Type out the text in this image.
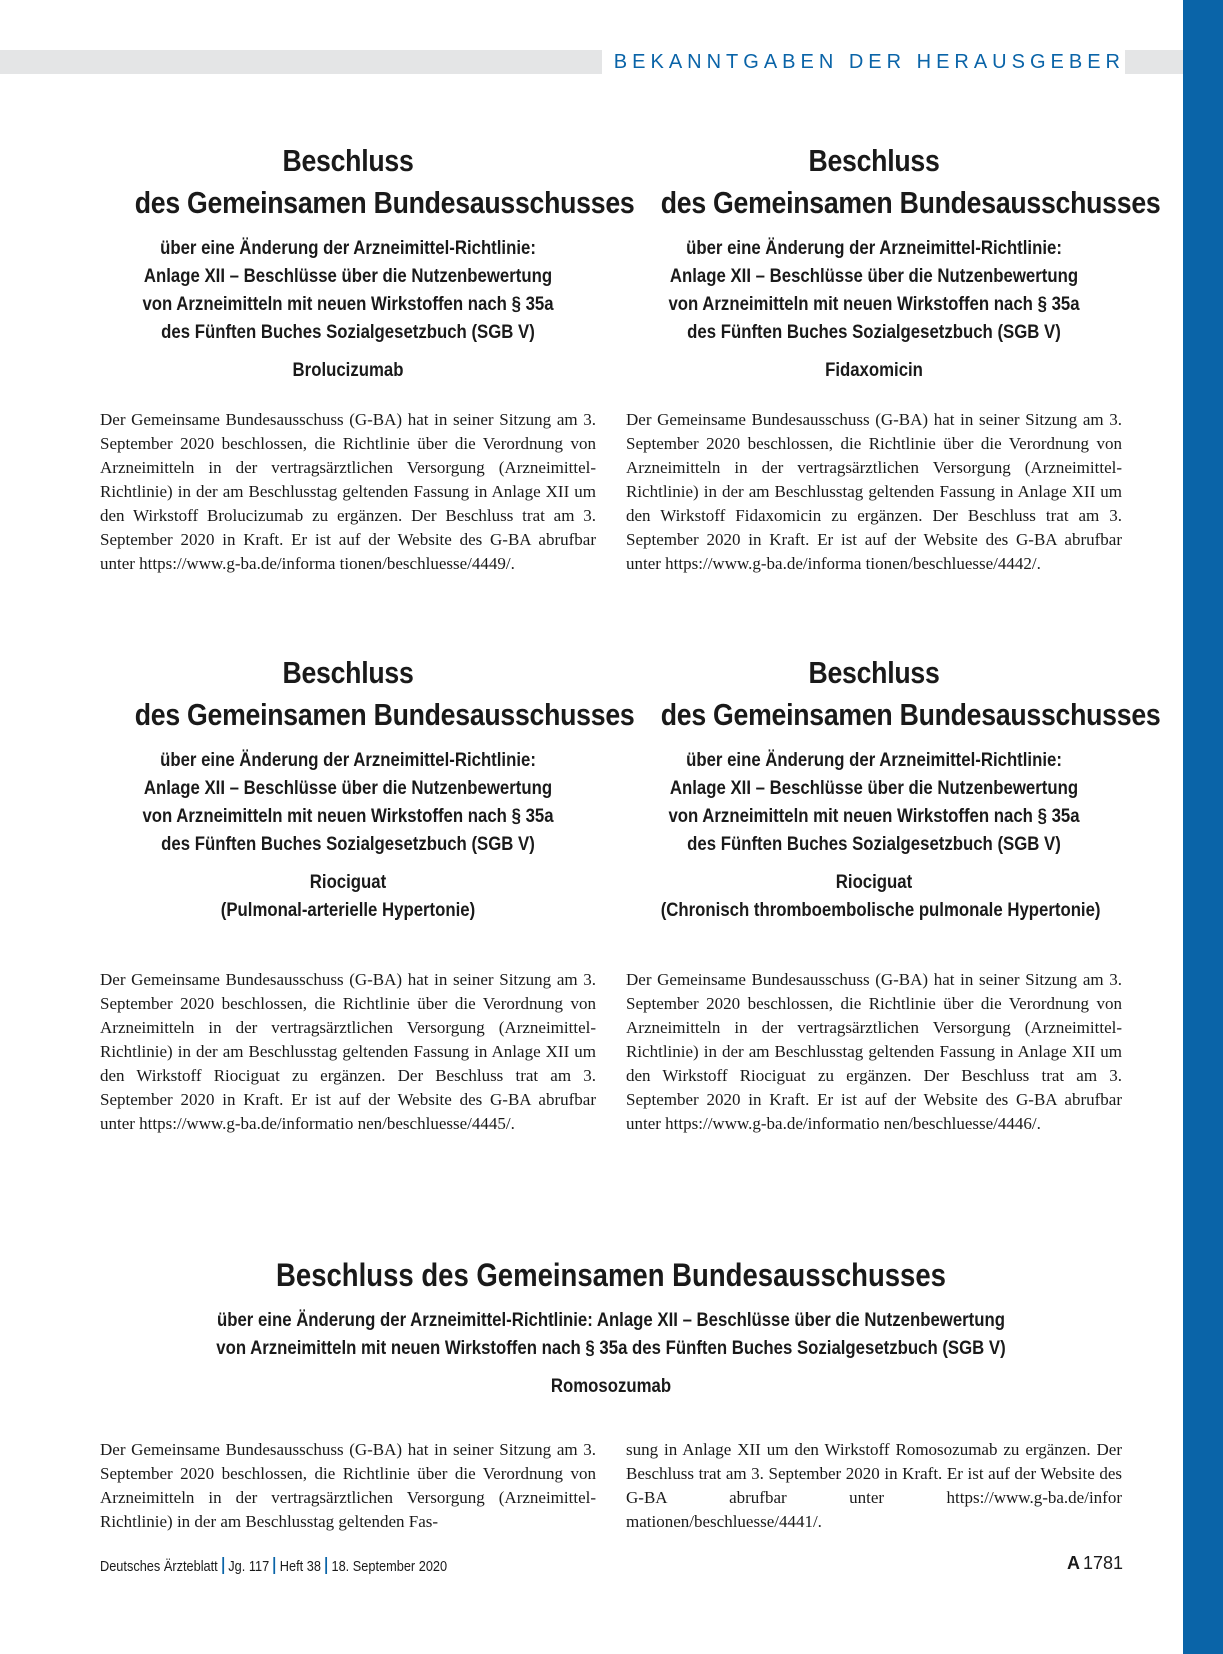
BEKANNTGABEN DER HERAUSGEBER
Beschluss
des Gemeinsamen Bundesausschusses
über eine Änderung der Arzneimittel-Richtlinie:
Anlage XII – Beschlüsse über die Nutzenbewertung
von Arzneimitteln mit neuen Wirkstoffen nach § 35a
des Fünften Buches Sozialgesetzbuch (SGB V)
Brolucizumab
Der Gemeinsame Bundesausschuss (G-BA) hat in seiner Sitzung am 3. September 2020 beschlossen, die Richtlinie über die Verordnung von Arzneimitteln in der vertragsärztlichen Versorgung (Arzneimittel-Richtlinie) in der am Beschlusstag geltenden Fassung in Anlage XII um den Wirkstoff Brolucizumab zu ergänzen. Der Beschluss trat am 3. September 2020 in Kraft. Er ist auf der Website des G-BA abrufbar unter https://www.g-ba.de/informa tionen/beschluesse/4449/.
Beschluss
des Gemeinsamen Bundesausschusses
über eine Änderung der Arzneimittel-Richtlinie:
Anlage XII – Beschlüsse über die Nutzenbewertung
von Arzneimitteln mit neuen Wirkstoffen nach § 35a
des Fünften Buches Sozialgesetzbuch (SGB V)
Fidaxomicin
Der Gemeinsame Bundesausschuss (G-BA) hat in seiner Sitzung am 3. September 2020 beschlossen, die Richtlinie über die Verordnung von Arzneimitteln in der vertragsärztlichen Versorgung (Arzneimittel-Richtlinie) in der am Beschlusstag geltenden Fassung in Anlage XII um den Wirkstoff Fidaxomicin zu ergänzen. Der Beschluss trat am 3. September 2020 in Kraft. Er ist auf der Website des G-BA abrufbar unter https://www.g-ba.de/informa tionen/beschluesse/4442/.
Beschluss
des Gemeinsamen Bundesausschusses
über eine Änderung der Arzneimittel-Richtlinie:
Anlage XII – Beschlüsse über die Nutzenbewertung
von Arzneimitteln mit neuen Wirkstoffen nach § 35a
des Fünften Buches Sozialgesetzbuch (SGB V)
Riociguat
(Pulmonal-arterielle Hypertonie)
Der Gemeinsame Bundesausschuss (G-BA) hat in seiner Sitzung am 3. September 2020 beschlossen, die Richtlinie über die Verordnung von Arzneimitteln in der vertragsärztlichen Versorgung (Arzneimittel-Richtlinie) in der am Beschlusstag geltenden Fassung in Anlage XII um den Wirkstoff Riociguat zu ergänzen. Der Beschluss trat am 3. September 2020 in Kraft. Er ist auf der Website des G-BA abrufbar unter https://www.g-ba.de/informatio nen/beschluesse/4445/.
Beschluss
des Gemeinsamen Bundesausschusses
über eine Änderung der Arzneimittel-Richtlinie:
Anlage XII – Beschlüsse über die Nutzenbewertung
von Arzneimitteln mit neuen Wirkstoffen nach § 35a
des Fünften Buches Sozialgesetzbuch (SGB V)
Riociguat
(Chronisch thromboembolische pulmonale Hypertonie)
Der Gemeinsame Bundesausschuss (G-BA) hat in seiner Sitzung am 3. September 2020 beschlossen, die Richtlinie über die Verordnung von Arzneimitteln in der vertragsärztlichen Versorgung (Arzneimittel-Richtlinie) in der am Beschlusstag geltenden Fassung in Anlage XII um den Wirkstoff Riociguat zu ergänzen. Der Beschluss trat am 3. September 2020 in Kraft. Er ist auf der Website des G-BA abrufbar unter https://www.g-ba.de/informatio nen/beschluesse/4446/.
Beschluss des Gemeinsamen Bundesausschusses
über eine Änderung der Arzneimittel-Richtlinie: Anlage XII – Beschlüsse über die Nutzenbewertung
von Arzneimitteln mit neuen Wirkstoffen nach § 35a des Fünften Buches Sozialgesetzbuch (SGB V)
Romosozumab
Der Gemeinsame Bundesausschuss (G-BA) hat in seiner Sitzung am 3. September 2020 beschlossen, die Richtlinie über die Verordnung von Arzneimitteln in der vertragsärztlichen Versorgung (Arzneimittel-Richtlinie) in der am Beschlusstag geltenden Fas-
sung in Anlage XII um den Wirkstoff Romosozumab zu ergänzen. Der Beschluss trat am 3. September 2020 in Kraft. Er ist auf der Website des G-BA abrufbar unter https://www.g-ba.de/infor mationen/beschluesse/4441/.
Deutsches Ärzteblatt Jg. 117 Heft 38 18. September 2020	A 1781
